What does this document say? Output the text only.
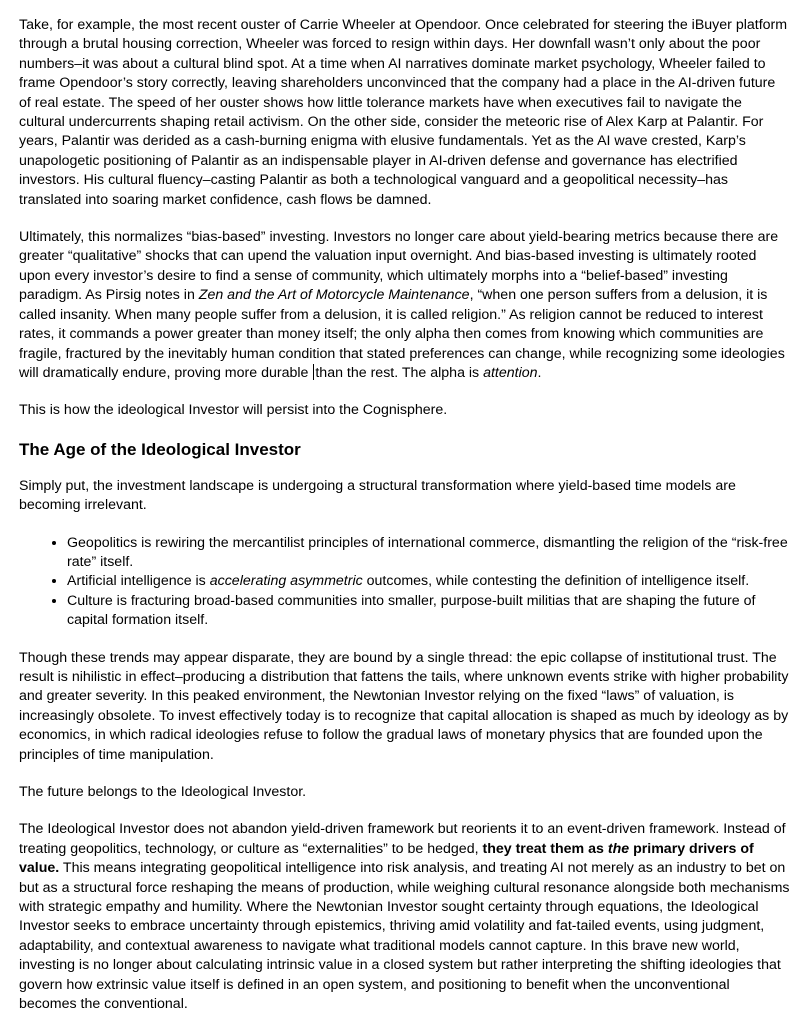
Take, for example, the most recent ouster of Carrie Wheeler at Opendoor. Once celebrated for steering the iBuyer platform through a brutal housing correction, Wheeler was forced to resign within days. Her downfall wasn’t only about the poor numbers–it was about a cultural blind spot. At a time when AI narratives dominate market psychology, Wheeler failed to frame Opendoor’s story correctly, leaving shareholders unconvinced that the company had a place in the AI-driven future of real estate. The speed of her ouster shows how little tolerance markets have when executives fail to navigate the cultural undercurrents shaping retail activism. On the other side, consider the meteoric rise of Alex Karp at Palantir. For years, Palantir was derided as a cash-burning enigma with elusive fundamentals. Yet as the AI wave crested, Karp’s unapologetic positioning of Palantir as an indispensable player in AI-driven defense and governance has electrified investors. His cultural fluency–casting Palantir as both a technological vanguard and a geopolitical necessity–has translated into soaring market confidence, cash flows be damned.

Ultimately, this normalizes “bias-based” investing. Investors no longer care about yield-bearing metrics because there are greater “qualitative” shocks that can upend the valuation input overnight. And bias-based investing is ultimately rooted upon every investor’s desire to find a sense of community, which ultimately morphs into a “belief-based” investing paradigm. As Pirsig notes in Zen and the Art of Motorcycle Maintenance, “when one person suffers from a delusion, it is called insanity. When many people suffer from a delusion, it is called religion.” As religion cannot be reduced to interest rates, it commands a power greater than money itself; the only alpha then comes from knowing which communities are fragile, fractured by the inevitably human condition that stated preferences can change, while recognizing some ideologies will dramatically endure, proving more durable than the rest. The alpha is attention.

This is how the ideological Investor will persist into the Cognisphere.

The Age of the Ideological Investor

Simply put, the investment landscape is undergoing a structural transformation where yield-based time models are becoming irrelevant.

• Geopolitics is rewiring the mercantilist principles of international commerce, dismantling the religion of the “risk-free rate” itself.
• Artificial intelligence is accelerating asymmetric outcomes, while contesting the definition of intelligence itself.
• Culture is fracturing broad-based communities into smaller, purpose-built militias that are shaping the future of capital formation itself.

Though these trends may appear disparate, they are bound by a single thread: the epic collapse of institutional trust. The result is nihilistic in effect–producing a distribution that fattens the tails, where unknown events strike with higher probability and greater severity. In this peaked environment, the Newtonian Investor relying on the fixed “laws” of valuation, is increasingly obsolete. To invest effectively today is to recognize that capital allocation is shaped as much by ideology as by economics, in which radical ideologies refuse to follow the gradual laws of monetary physics that are founded upon the principles of time manipulation.

The future belongs to the Ideological Investor.

The Ideological Investor does not abandon yield-driven framework but reorients it to an event-driven framework. Instead of treating geopolitics, technology, or culture as “externalities” to be hedged, they treat them as the primary drivers of value. This means integrating geopolitical intelligence into risk analysis, and treating AI not merely as an industry to bet on but as a structural force reshaping the means of production, while weighing cultural resonance alongside both mechanisms with strategic empathy and humility. Where the Newtonian Investor sought certainty through equations, the Ideological Investor seeks to embrace uncertainty through epistemics, thriving amid volatility and fat-tailed events, using judgment, adaptability, and contextual awareness to navigate what traditional models cannot capture. In this brave new world, investing is no longer about calculating intrinsic value in a closed system but rather interpreting the shifting ideologies that govern how extrinsic value itself is defined in an open system, and positioning to benefit when the unconventional becomes the conventional.
